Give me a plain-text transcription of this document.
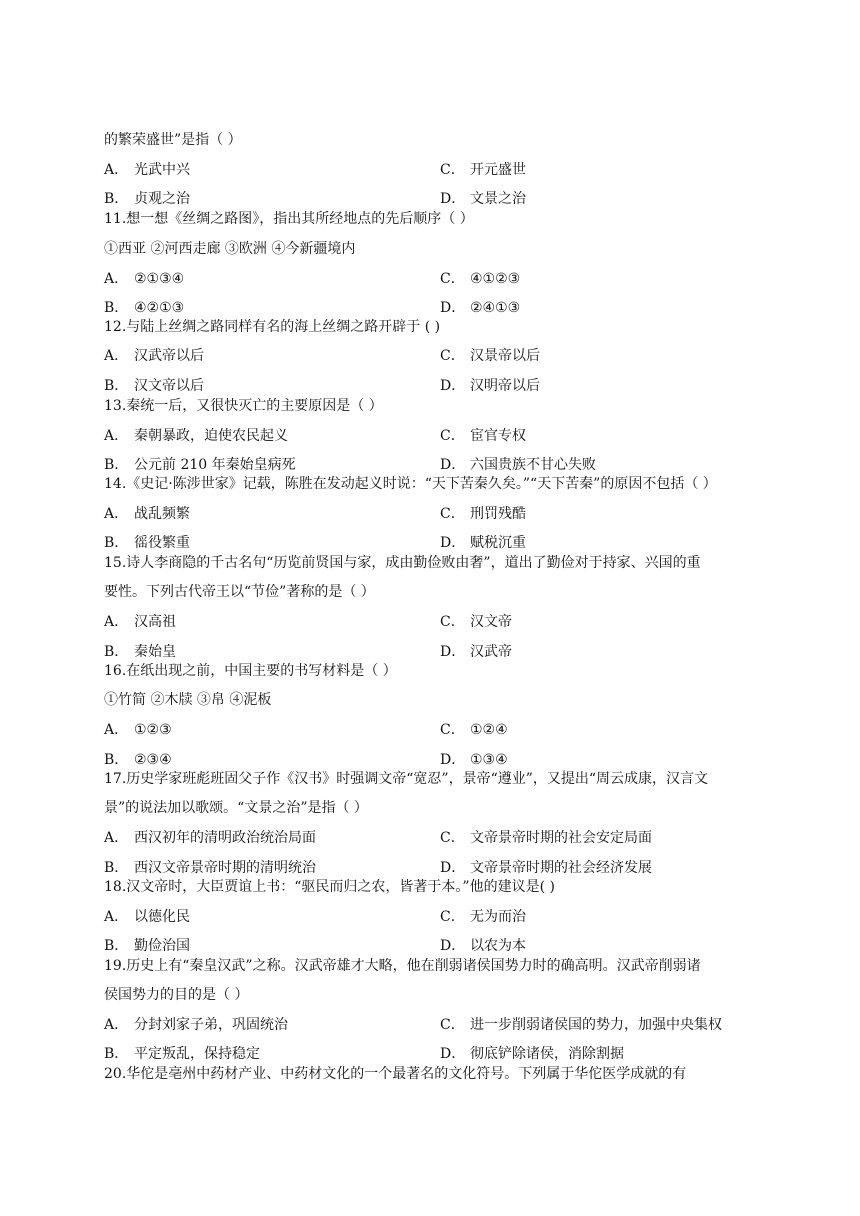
的繁荣盛世”是指（ ）
A． 光武中兴	C． 开元盛世
B． 贞观之治	D． 文景之治
11.想一想《丝绸之路图》，指出其所经地点的先后顺序（ ）
①西亚 ②河西走廊 ③欧洲 ④今新疆境内
A． ②①③④	C． ④①②③
B． ④②①③	D． ②④①③
12.与陆上丝绸之路同样有名的海上丝绸之路开辟于 ( )
A． 汉武帝以后	C． 汉景帝以后
B． 汉文帝以后	D． 汉明帝以后
13.秦统一后，又很快灭亡的主要原因是（ ）
A． 秦朝暴政，迫使农民起义	C． 宦官专权
B． 公元前 210 年秦始皇病死	D． 六国贵族不甘心失败
14.《史记·陈涉世家》记载，陈胜在发动起义时说：“天下苦秦久矣。”“天下苦秦”的原因不包括（ ）
A． 战乱频繁	C． 刑罚残酷
B． 徭役繁重	D． 赋税沉重
15.诗人李商隐的千古名句“历览前贤国与家，成由勤俭败由奢”，道出了勤俭对于持家、兴国的重
要性。下列古代帝王以“节俭”著称的是（ ）
A． 汉高祖	C． 汉文帝
B． 秦始皇	D． 汉武帝
16.在纸出现之前，中国主要的书写材料是（ ）
①竹简 ②木牍 ③帛 ④泥板
A． ①②③	C． ①②④
B． ②③④	D． ①③④
17.历史学家班彪班固父子作《汉书》时强调文帝“宽忍”，景帝“遵业”，又提出“周云成康，汉言文
景”的说法加以歌颂。“文景之治”是指（ ）
A． 西汉初年的清明政治统治局面	C． 文帝景帝时期的社会安定局面
B． 西汉文帝景帝时期的清明统治	D． 文帝景帝时期的社会经济发展
18.汉文帝时，大臣贾谊上书：“驱民而归之农，皆著于本。”他的建议是( )
A． 以德化民	C． 无为而治
B． 勤俭治国	D． 以农为本
19.历史上有“秦皇汉武”之称。汉武帝雄才大略，他在削弱诸侯国势力时的确高明。汉武帝削弱诸
侯国势力的目的是（ ）
A． 分封刘家子弟，巩固统治	C． 进一步削弱诸侯国的势力，加强中央集权
B． 平定叛乱，保持稳定	D． 彻底铲除诸侯，消除割据
20.华佗是亳州中药材产业、中药材文化的一个最著名的文化符号。下列属于华佗医学成就的有
